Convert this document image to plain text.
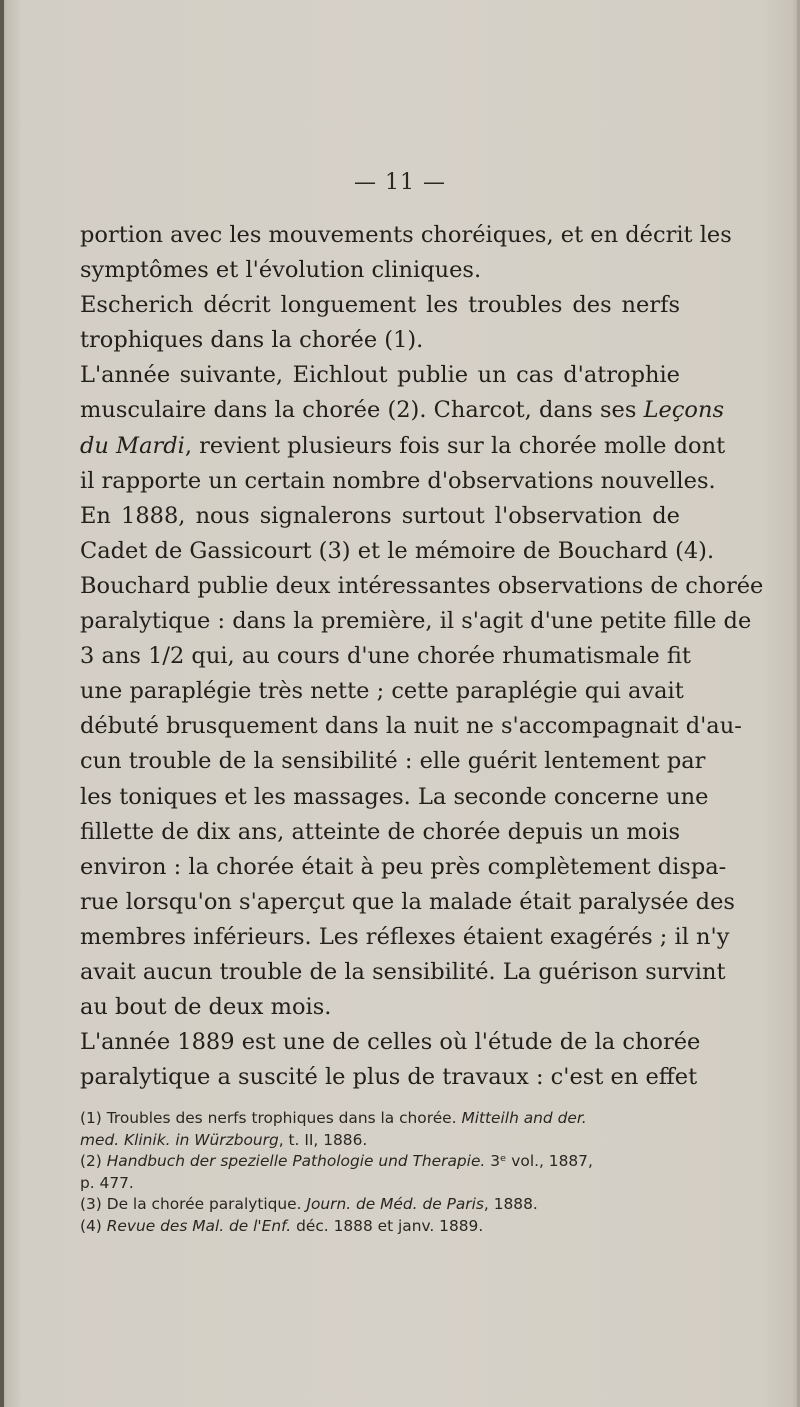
— 11 —

portion avec les mouvements choréiques, et en décrit les
symptômes et l'évolution cliniques.

Escherich décrit longuement les troubles des nerfs
trophiques dans la chorée (1).

L'année suivante, Eichlout publie un cas d'atrophie
musculaire dans la chorée (2). Charcot, dans ses Leçons
du Mardi, revient plusieurs fois sur la chorée molle dont
il rapporte un certain nombre d'observations nouvelles.

En 1888, nous signalerons surtout l'observation de
Cadet de Gassicourt (3) et le mémoire de Bouchard (4).
Bouchard publie deux intéressantes observations de chorée
paralytique : dans la première, il s'agit d'une petite fille de
3 ans 1/2 qui, au cours d'une chorée rhumatismale fit
une paraplégie très nette ; cette paraplégie qui avait
débuté brusquement dans la nuit ne s'accompagnait d'au-
cun trouble de la sensibilité : elle guérit lentement par
les toniques et les massages. La seconde concerne une
fillette de dix ans, atteinte de chorée depuis un mois
environ : la chorée était à peu près complètement dispa-
rue lorsqu'on s'aperçut que la malade était paralysée des
membres inférieurs. Les réflexes étaient exagérés ; il n'y
avait aucun trouble de la sensibilité. La guérison survint
au bout de deux mois.

L'année 1889 est une de celles où l'étude de la chorée
paralytique a suscité le plus de travaux : c'est en effet

(1) Troubles des nerfs trophiques dans la chorée. Mitteilh and der.
med. Klinik. in Würzbourg, t. II, 1886.
(2) Handbuch der spezielle Pathologie und Therapie. 3ᵉ vol., 1887,
p. 477.
(3) De la chorée paralytique. Journ. de Méd. de Paris, 1888.
(4) Revue des Mal. de l'Enf. déc. 1888 et janv. 1889.
